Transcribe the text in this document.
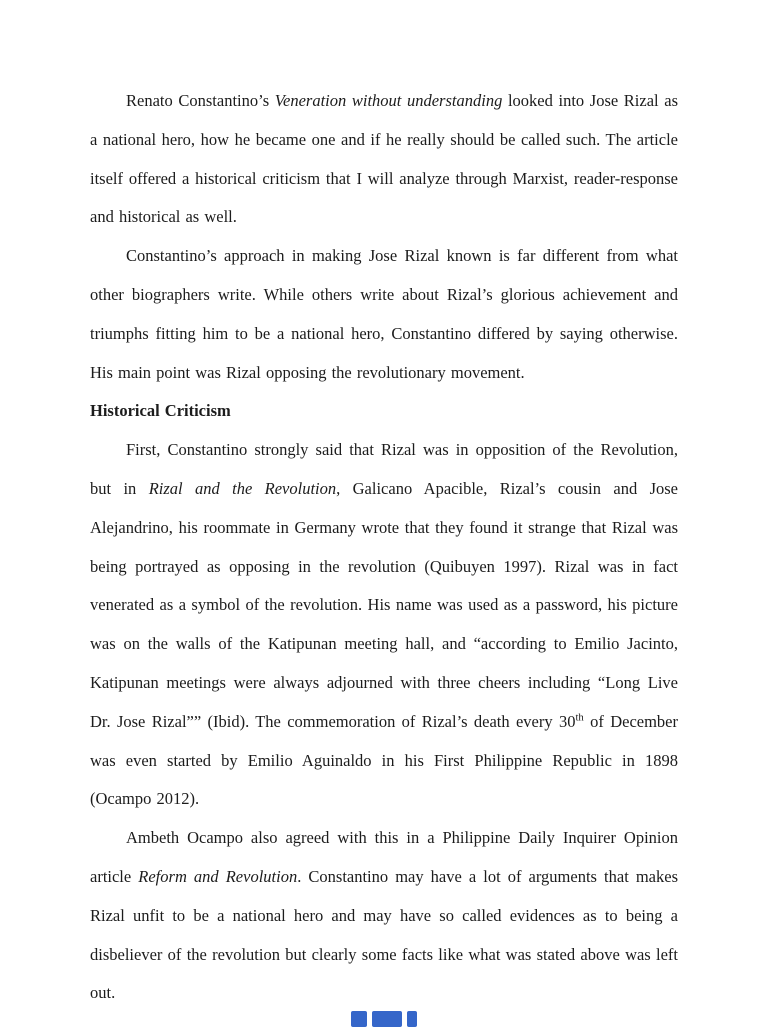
Renato Constantino’s Veneration without understanding looked into Jose Rizal as a national hero, how he became one and if he really should be called such. The article itself offered a historical criticism that I will analyze through Marxist, reader-response and historical as well.

Constantino’s approach in making Jose Rizal known is far different from what other biographers write. While others write about Rizal’s glorious achievement and triumphs fitting him to be a national hero, Constantino differed by saying otherwise. His main point was Rizal opposing the revolutionary movement.

Historical Criticism

First, Constantino strongly said that Rizal was in opposition of the Revolution, but in Rizal and the Revolution, Galicano Apacible, Rizal’s cousin and Jose Alejandrino, his roommate in Germany wrote that they found it strange that Rizal was being portrayed as opposing in the revolution (Quibuyen 1997). Rizal was in fact venerated as a symbol of the revolution. His name was used as a password, his picture was on the walls of the Katipunan meeting hall, and “according to Emilio Jacinto, Katipunan meetings were always adjourned with three cheers including “Long Live Dr. Jose Rizal”” (Ibid). The commemoration of Rizal’s death every 30th of December was even started by Emilio Aguinaldo in his First Philippine Republic in 1898 (Ocampo 2012).

Ambeth Ocampo also agreed with this in a Philippine Daily Inquirer Opinion article Reform and Revolution. Constantino may have a lot of arguments that makes Rizal unfit to be a national hero and may have so called evidences as to being a disbeliever of the revolution but clearly some facts like what was stated above was left out.
